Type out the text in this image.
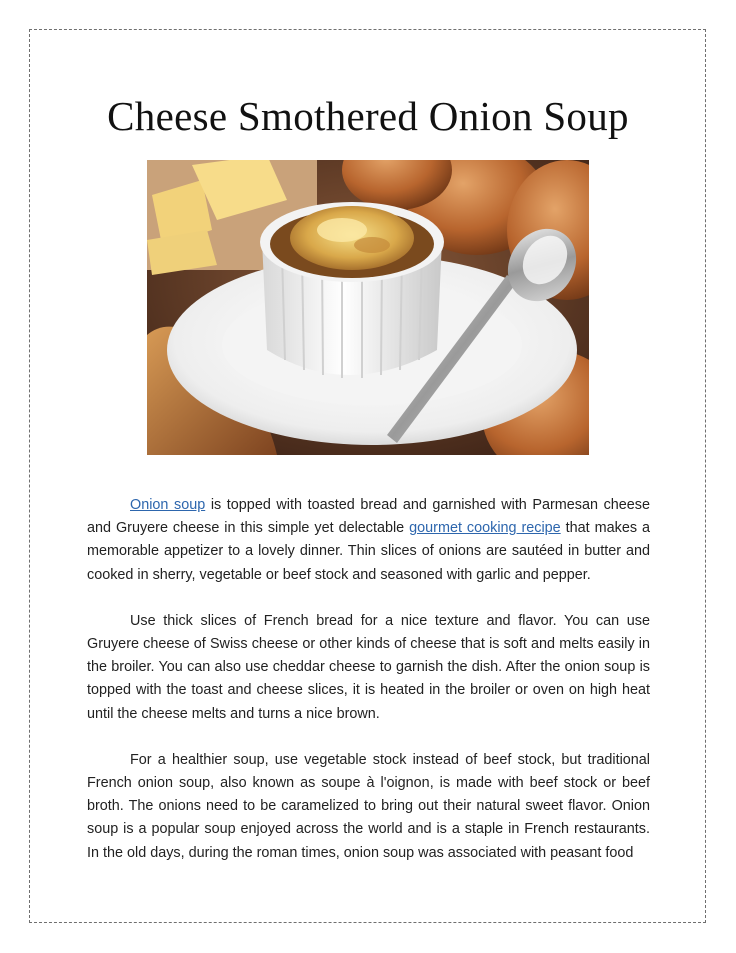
Cheese Smothered Onion Soup

Onion soup is topped with toasted bread and garnished with Parmesan cheese and Gruyere cheese in this simple yet delectable gourmet cooking recipe that makes a memorable appetizer to a lovely dinner. Thin slices of onions are sautéed in butter and cooked in sherry, vegetable or beef stock and seasoned with garlic and pepper.

Use thick slices of French bread for a nice texture and flavor. You can use Gruyere cheese of Swiss cheese or other kinds of cheese that is soft and melts easily in the broiler. You can also use cheddar cheese to garnish the dish. After the onion soup is topped with the toast and cheese slices, it is heated in the broiler or oven on high heat until the cheese melts and turns a nice brown.

For a healthier soup, use vegetable stock instead of beef stock, but traditional French onion soup, also known as soupe à l'oignon, is made with beef stock or beef broth. The onions need to be caramelized to bring out their natural sweet flavor. Onion soup is a popular soup enjoyed across the world and is a staple in French restaurants. In the old days, during the roman times, onion soup was associated with peasant food
